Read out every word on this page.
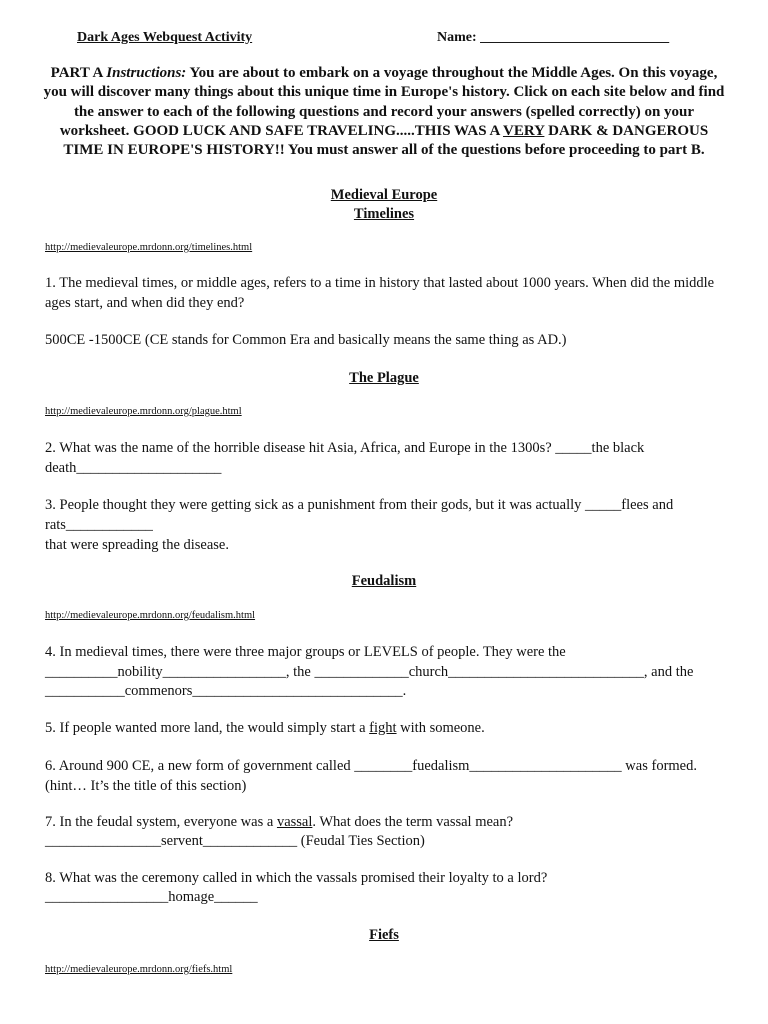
Dark Ages Webquest Activity	Name: ___________________________
PART A Instructions: You are about to embark on a voyage throughout the Middle Ages. On this voyage, you will discover many things about this unique time in Europe's history. Click on each site below and find the answer to each of the following questions and record your answers (spelled correctly) on your worksheet. GOOD LUCK AND SAFE TRAVELING.....THIS WAS A VERY DARK & DANGEROUS TIME IN EUROPE'S HISTORY!! You must answer all of the questions before proceeding to part B.
Medieval Europe
Timelines
http://medievaleurope.mrdonn.org/timelines.html
1. The medieval times, or middle ages, refers to a time in history that lasted about 1000 years. When did the middle ages start, and when did they end?
500CE -1500CE (CE stands for Common Era and basically means the same thing as AD.)
The Plague
http://medievaleurope.mrdonn.org/plague.html
2. What was the name of the horrible disease hit Asia, Africa, and Europe in the 1300s? _____the black death____________________
3. People thought they were getting sick as a punishment from their gods, but it was actually _____flees and rats____________
that were spreading the disease.
Feudalism
http://medievaleurope.mrdonn.org/feudalism.html
4. In medieval times, there were three major groups or LEVELS of people. They were the __________nobility_________________, the _____________church___________________________, and the ___________commenors_____________________________.
5. If people wanted more land, the would simply start a fight with someone.
6. Around 900 CE, a new form of government called ________fuedalism_____________________ was formed. (hint… It’s the title of this section)
7. In the feudal system, everyone was a vassal. What does the term vassal mean?
________________servent_____________ (Feudal Ties Section)
8. What was the ceremony called in which the vassals promised their loyalty to a lord?
_________________homage______
Fiefs
http://medievaleurope.mrdonn.org/fiefs.html
